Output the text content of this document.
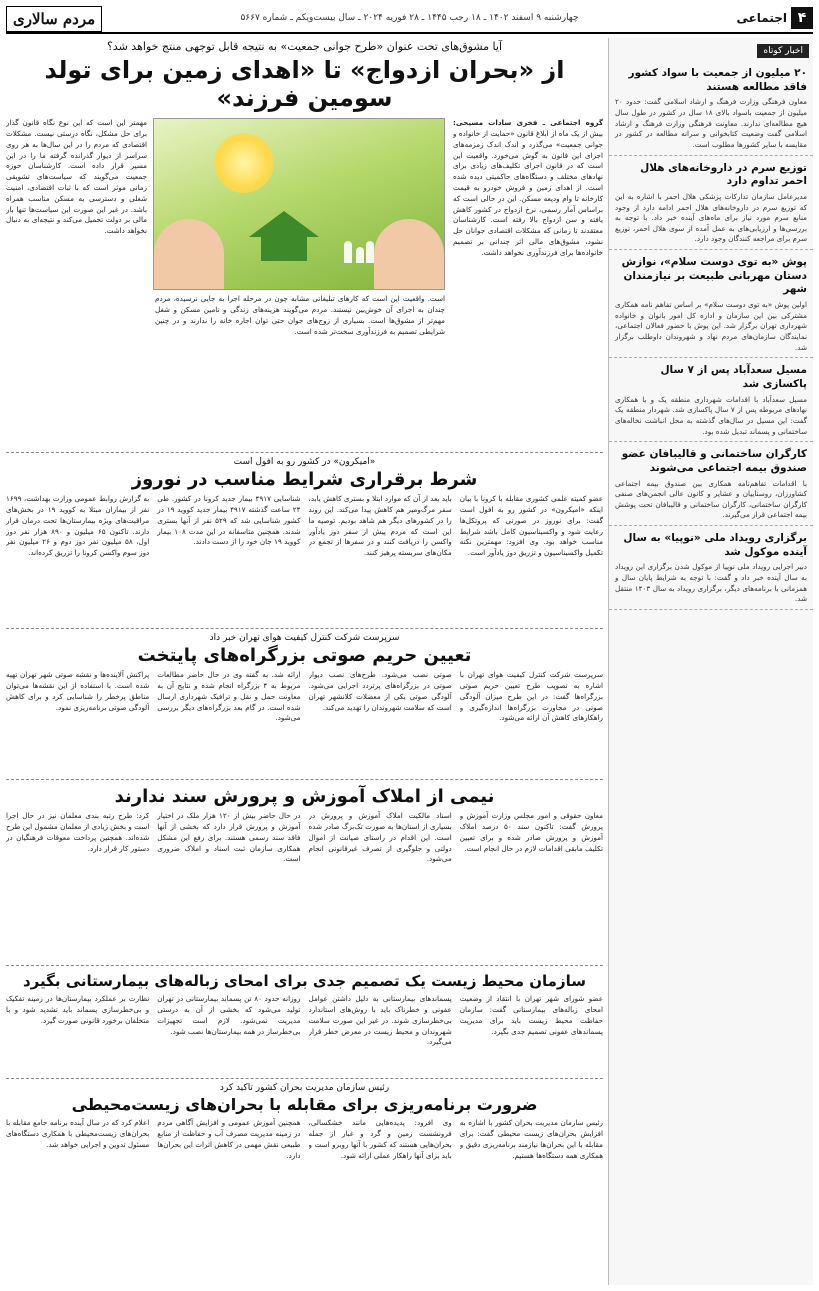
۴
اجتماعی
چهارشنبه ۹ اسفند ۱۴۰۲ ـ ۱۸ رجب ۱۴۴۵ ـ ۲۸ فوریه ۲۰۲۴ ـ سال بیست‌ویکم ـ شماره ۵۶۶۷
مردم سالاری
اخبار کوتاه
۲۰ میلیون از جمعیت با سواد کشور فاقد مطالعه هستند
معاون فرهنگی وزارت فرهنگ و ارشاد اسلامی گفت: حدود ۲۰ میلیون از جمعیت باسواد بالای ۱۸ سال در کشور در طول سال هیچ مطالعه‌ای ندارند. معاونت فرهنگی وزارت فرهنگ و ارشاد اسلامی گفت وضعیت کتابخوانی و سرانه مطالعه در کشور در مقایسه با سایر کشورها مطلوب است.
توزیع سرم در داروخانه‌های هلال احمر تداوم دارد
مدیرعامل سازمان تدارکات پزشکی هلال احمر با اشاره به این که توزیع سرم در داروخانه‌های هلال احمر ادامه دارد از وجود منابع سرم مورد نیاز برای ماه‌های آینده خبر داد. با توجه به بررسی‌ها و ارزیابی‌های به عمل آمده از سوی هلال احمر، توزیع سرم برای مراجعه کنندگان وجود دارد.
پوش «به توی دوست سلام»، نوازش دستان مهربانی طبیعت بر نیازمندان شهر
اولین پوش «به توی دوست سلام» بر اساس تفاهم نامه همکاری مشترکی بین این سازمان و اداره کل امور بانوان و خانواده شهرداری تهران برگزار شد. این پوش با حضور فعالان اجتماعی، نمایندگان سازمان‌های مردم نهاد و شهروندان داوطلب برگزار شد.
مسیل سعدآباد پس از ۷ سال پاکسازی شد
مسیل سعدآباد با اقدامات شهرداری منطقه یک و با همکاری نهادهای مربوطه پس از ۷ سال پاکسازی شد. شهردار منطقه یک گفت: این مسیل در سال‌های گذشته به محل انباشت نخاله‌های ساختمانی و پسماند تبدیل شده بود.
کارگران ساختمانی و قالیبافان عضو صندوق بیمه اجتماعی می‌شوند
با اقدامات تفاهم‌نامه همکاری بین صندوق بیمه اجتماعی کشاورزان، روستاییان و عشایر و کانون عالی انجمن‌های صنفی کارگران ساختمانی، کارگران ساختمانی و قالیبافان تحت پوشش بیمه اجتماعی قرار می‌گیرند.
برگزاری رویداد ملی «نوپیا» به سال آینده موکول شد
دبیر اجرایی رویداد ملی نوپیا از موکول شدن برگزاری این رویداد به سال آینده خبر داد و گفت: با توجه به شرایط پایان سال و همزمانی با برنامه‌های دیگر، برگزاری رویداد به سال ۱۴۰۳ منتقل شد.
آیا مشوق‌های تحت عنوان «طرح جوانی جمعیت» به نتیجه قابل توجهی منتج خواهد شد؟
از «بحران ازدواج» تا «اهدای زمین برای تولد سومین فرزند»
گروه اجتماعی ـ فخری سادات مسیحی: بیش از یک ماه از ابلاغ قانون «حمایت از خانواده و جوانی جمعیت» می‌گذرد و اندک اندک زمزمه‌های اجرای این قانون به گوش می‌خورد. واقعیت این است که در قانون اجرای تکلیف‌های زیادی برای نهادهای مختلف و دستگاه‌های حاکمیتی دیده شده است. از اهدای زمین و فروش خودرو به قیمت کارخانه تا وام ودیعه مسکن. این در حالی است که براساس آمار رسمی، نرخ ازدواج در کشور کاهش یافته و سن ازدواج بالا رفته است. کارشناسان معتقدند تا زمانی که مشکلات اقتصادی جوانان حل نشود، مشوق‌های مالی اثر چندانی بر تصمیم خانواده‌ها برای فرزندآوری نخواهد داشت.
است. واقعیت این است که کارهای تبلیغاتی مشابه چون در مرحله اجرا به جایی نرسیده، مردم چندان به اجرای آن خوش‌بین نیستند. مردم می‌گویند هزینه‌های زندگی و تامین مسکن و شغل مهم‌تر از مشوق‌ها است. بسیاری از زوج‌های جوان حتی توان اجاره خانه را ندارند و در چنین شرایطی تصمیم به فرزندآوری سخت‌تر شده است.
مهمتر این است که این نوع نگاه قانون گذار برای حل مشکل، نگاه درستی نیست. مشکلات اقتصادی که مردم را در این سال‌ها به هر روی سراسر از دیوار گذرانده گرفته ما را در این مسیر قرار داده است. کارشناسان حوزه جمعیت می‌گویند که سیاست‌های تشویقی زمانی موثر است که با ثبات اقتصادی، امنیت شغلی و دسترسی به مسکن مناسب همراه باشد. در غیر این صورت این سیاست‌ها تنها بار مالی بر دولت تحمیل می‌کند و نتیجه‌ای به دنبال نخواهد داشت.
«امیکرون» در کشور رو به افول است
شرط برقراری شرایط مناسب در نوروز
عضو کمیته علمی کشوری مقابله با کرونا با بیان اینکه «امیکرون» در کشور رو به افول است گفت: برای نوروز در صورتی که پروتکل‌ها رعایت شود و واکسیناسیون کامل باشد شرایط مناسب خواهد بود. وی افزود: مهمترین نکته تکمیل واکسیناسیون و تزریق دوز یادآور است.
باید بعد از آن که موارد ابتلا و بستری کاهش یابد، سفر مرگ‌ومیر هم کاهش پیدا می‌کند. این روند را در کشورهای دیگر هم شاهد بودیم. توصیه ما این است که مردم پیش از سفر دوز یادآور واکسن را دریافت کنند و در سفرها از تجمع در مکان‌های سربسته پرهیز کنند.
شناسایی ۴۹۱۷ بیمار جدید کرونا در کشور. طی ۲۴ ساعت گذشته ۴۹۱۷ بیمار جدید کووید ۱۹ در کشور شناسایی شد که ۵۲۹ نفر از آنها بستری شدند. همچنین متاسفانه در این مدت ۱۰۸ بیمار کووید ۱۹ جان خود را از دست دادند.
به گزارش روابط عمومی وزارت بهداشت، ۱۶۹۹ نفر از بیماران مبتلا به کووید ۱۹ در بخش‌های مراقبت‌های ویژه بیمارستان‌ها تحت درمان قرار دارند. تاکنون ۶۵ میلیون و ۸۹۰ هزار نفر دوز اول، ۵۸ میلیون نفر دوز دوم و ۲۶ میلیون نفر دوز سوم واکسن کرونا را تزریق کرده‌اند.
سرپرست شرکت کنترل کیفیت هوای تهران خبر داد
تعیین حریم صوتی بزرگراه‌های پایتخت
سرپرست شرکت کنترل کیفیت هوای تهران با اشاره به تصویب طرح تعیین حریم صوتی بزرگراه‌ها گفت: در این طرح میزان آلودگی صوتی در مجاورت بزرگراه‌ها اندازه‌گیری و راهکارهای کاهش آن ارائه می‌شود.
صوتی نصب می‌شود. طرح‌های نصب دیوار صوتی در بزرگراه‌های پرتردد اجرایی می‌شود. آلودگی صوتی یکی از معضلات کلانشهر تهران است که سلامت شهروندان را تهدید می‌کند.
ارائه شد. به گفته وی در حال حاضر مطالعات مربوط به ۴ بزرگراه انجام شده و نتایج آن به معاونت حمل و نقل و ترافیک شهرداری ارسال شده است. در گام بعد بزرگراه‌های دیگر بررسی می‌شود.
پراکنش آلاینده‌ها و نقشه صوتی شهر تهران تهیه شده است. با استفاده از این نقشه‌ها می‌توان مناطق پرخطر را شناسایی کرد و برای کاهش آلودگی صوتی برنامه‌ریزی نمود.
نیمی از املاک آموزش و پرورش سند ندارند
معاون حقوقی و امور مجلس وزارت آموزش و پرورش گفت: تاکنون سند ۵۰ درصد املاک آموزش و پرورش صادر شده و برای تعیین تکلیف مابقی اقدامات لازم در حال انجام است.
اسناد مالکیت املاک آموزش و پرورش در بسیاری از استان‌ها به صورت تک‌برگ صادر شده است. این اقدام در راستای صیانت از اموال دولتی و جلوگیری از تصرف غیرقانونی انجام می‌شود.
در حال حاضر بیش از ۱۲۰ هزار ملک در اختیار آموزش و پرورش قرار دارد که بخشی از آنها فاقد سند رسمی هستند. برای رفع این مشکل همکاری سازمان ثبت اسناد و املاک ضروری است.
کرد: طرح رتبه بندی معلمان نیز در حال اجرا است و بخش زیادی از معلمان مشمول این طرح شده‌اند. همچنین پرداخت معوقات فرهنگیان در دستور کار قرار دارد.
سازمان محیط زیست یک تصمیم جدی برای امحای زباله‌های بیمارستانی بگیرد
عضو شورای شهر تهران با انتقاد از وضعیت امحای زباله‌های بیمارستانی گفت: سازمان حفاظت محیط زیست باید برای مدیریت پسماندهای عفونی تصمیم جدی بگیرد.
پسماندهای بیمارستانی به دلیل داشتن عوامل عفونی و خطرناک باید با روش‌های استاندارد بی‌خطرسازی شوند. در غیر این صورت سلامت شهروندان و محیط زیست در معرض خطر قرار می‌گیرد.
روزانه حدود ۸۰ تن پسماند بیمارستانی در تهران تولید می‌شود که بخشی از آن به درستی مدیریت نمی‌شود. لازم است تجهیزات بی‌خطرساز در همه بیمارستان‌ها نصب شود.
نظارت بر عملکرد بیمارستان‌ها در زمینه تفکیک و بی‌خطرسازی پسماند باید تشدید شود و با متخلفان برخورد قانونی صورت گیرد.
رئیس سازمان مدیریت بحران کشور تاکید کرد
ضرورت برنامه‌ریزی برای مقابله با بحران‌های زیست‌محیطی
رئیس سازمان مدیریت بحران کشور با اشاره به افزایش بحران‌های زیست محیطی گفت: برای مقابله با این بحران‌ها نیازمند برنامه‌ریزی دقیق و همکاری همه دستگاه‌ها هستیم.
وی افزود: پدیده‌هایی مانند خشکسالی، فرونشست زمین و گرد و غبار از جمله بحران‌هایی هستند که کشور با آنها روبرو است و باید برای آنها راهکار عملی ارائه شود.
همچنین آموزش عمومی و افزایش آگاهی مردم در زمینه مدیریت مصرف آب و حفاظت از منابع طبیعی نقش مهمی در کاهش اثرات این بحران‌ها دارد.
اعلام کرد که در سال آینده برنامه جامع مقابله با بحران‌های زیست‌محیطی با همکاری دستگاه‌های مسئول تدوین و اجرایی خواهد شد.
